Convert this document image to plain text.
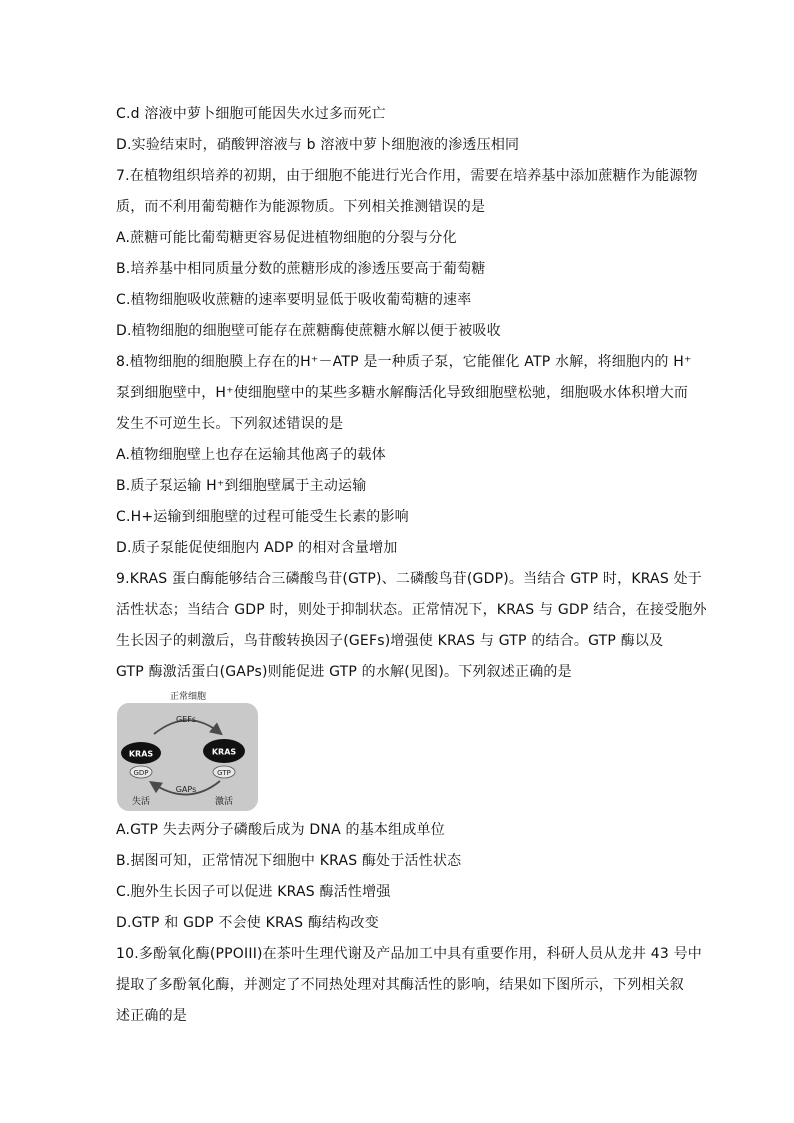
C.d 溶液中萝卜细胞可能因失水过多而死亡
D.实验结束时，硝酸钾溶液与 b 溶液中萝卜细胞液的渗透压相同
7.在植物组织培养的初期，由于细胞不能进行光合作用，需要在培养基中添加蔗糖作为能源物
质，而不利用葡萄糖作为能源物质。下列相关推测错误的是
A.蔗糖可能比葡萄糖更容易促进植物细胞的分裂与分化
B.培养基中相同质量分数的蔗糖形成的渗透压要高于葡萄糖
C.植物细胞吸收蔗糖的速率要明显低于吸收葡萄糖的速率
D.植物细胞的细胞壁可能存在蔗糖酶使蔗糖水解以便于被吸收
8.植物细胞的细胞膜上存在的H⁺－ATP 是一种质子泵，它能催化 ATP 水解，将细胞内的 H⁺
泵到细胞壁中，H⁺使细胞壁中的某些多糖水解酶活化导致细胞壁松驰，细胞吸水体积增大而
发生不可逆生长。下列叙述错误的是
A.植物细胞壁上也存在运输其他离子的载体
B.质子泵运输 H⁺到细胞壁属于主动运输
C.H+运输到细胞壁的过程可能受生长素的影响
D.质子泵能促使细胞内 ADP 的相对含量增加
9.KRAS 蛋白酶能够结合三磷酸鸟苷(GTP)、二磷酸鸟苷(GDP)。当结合 GTP 时，KRAS 处于
活性状态；当结合 GDP 时，则处于抑制状态。正常情况下，KRAS 与 GDP 结合，在接受胞外
生长因子的刺激后，鸟苷酸转换因子(GEFs)增强使 KRAS 与 GTP 的结合。GTP 酶以及
GTP 酶激活蛋白(GAPs)则能促进 GTP 的水解(见图)。下列叙述正确的是
正常细胞
GEFs
GAPs
KRAS
GDP
失活
KRAS
GTP
激活
A.GTP 失去两分子磷酸后成为 DNA 的基本组成单位
B.据图可知，正常情况下细胞中 KRAS 酶处于活性状态
C.胞外生长因子可以促进 KRAS 酶活性增强
D.GTP 和 GDP 不会使 KRAS 酶结构改变
10.多酚氧化酶(PPOIII)在茶叶生理代谢及产品加工中具有重要作用，科研人员从龙井 43 号中
提取了多酚氧化酶，并测定了不同热处理对其酶活性的影响，结果如下图所示，下列相关叙
述正确的是
